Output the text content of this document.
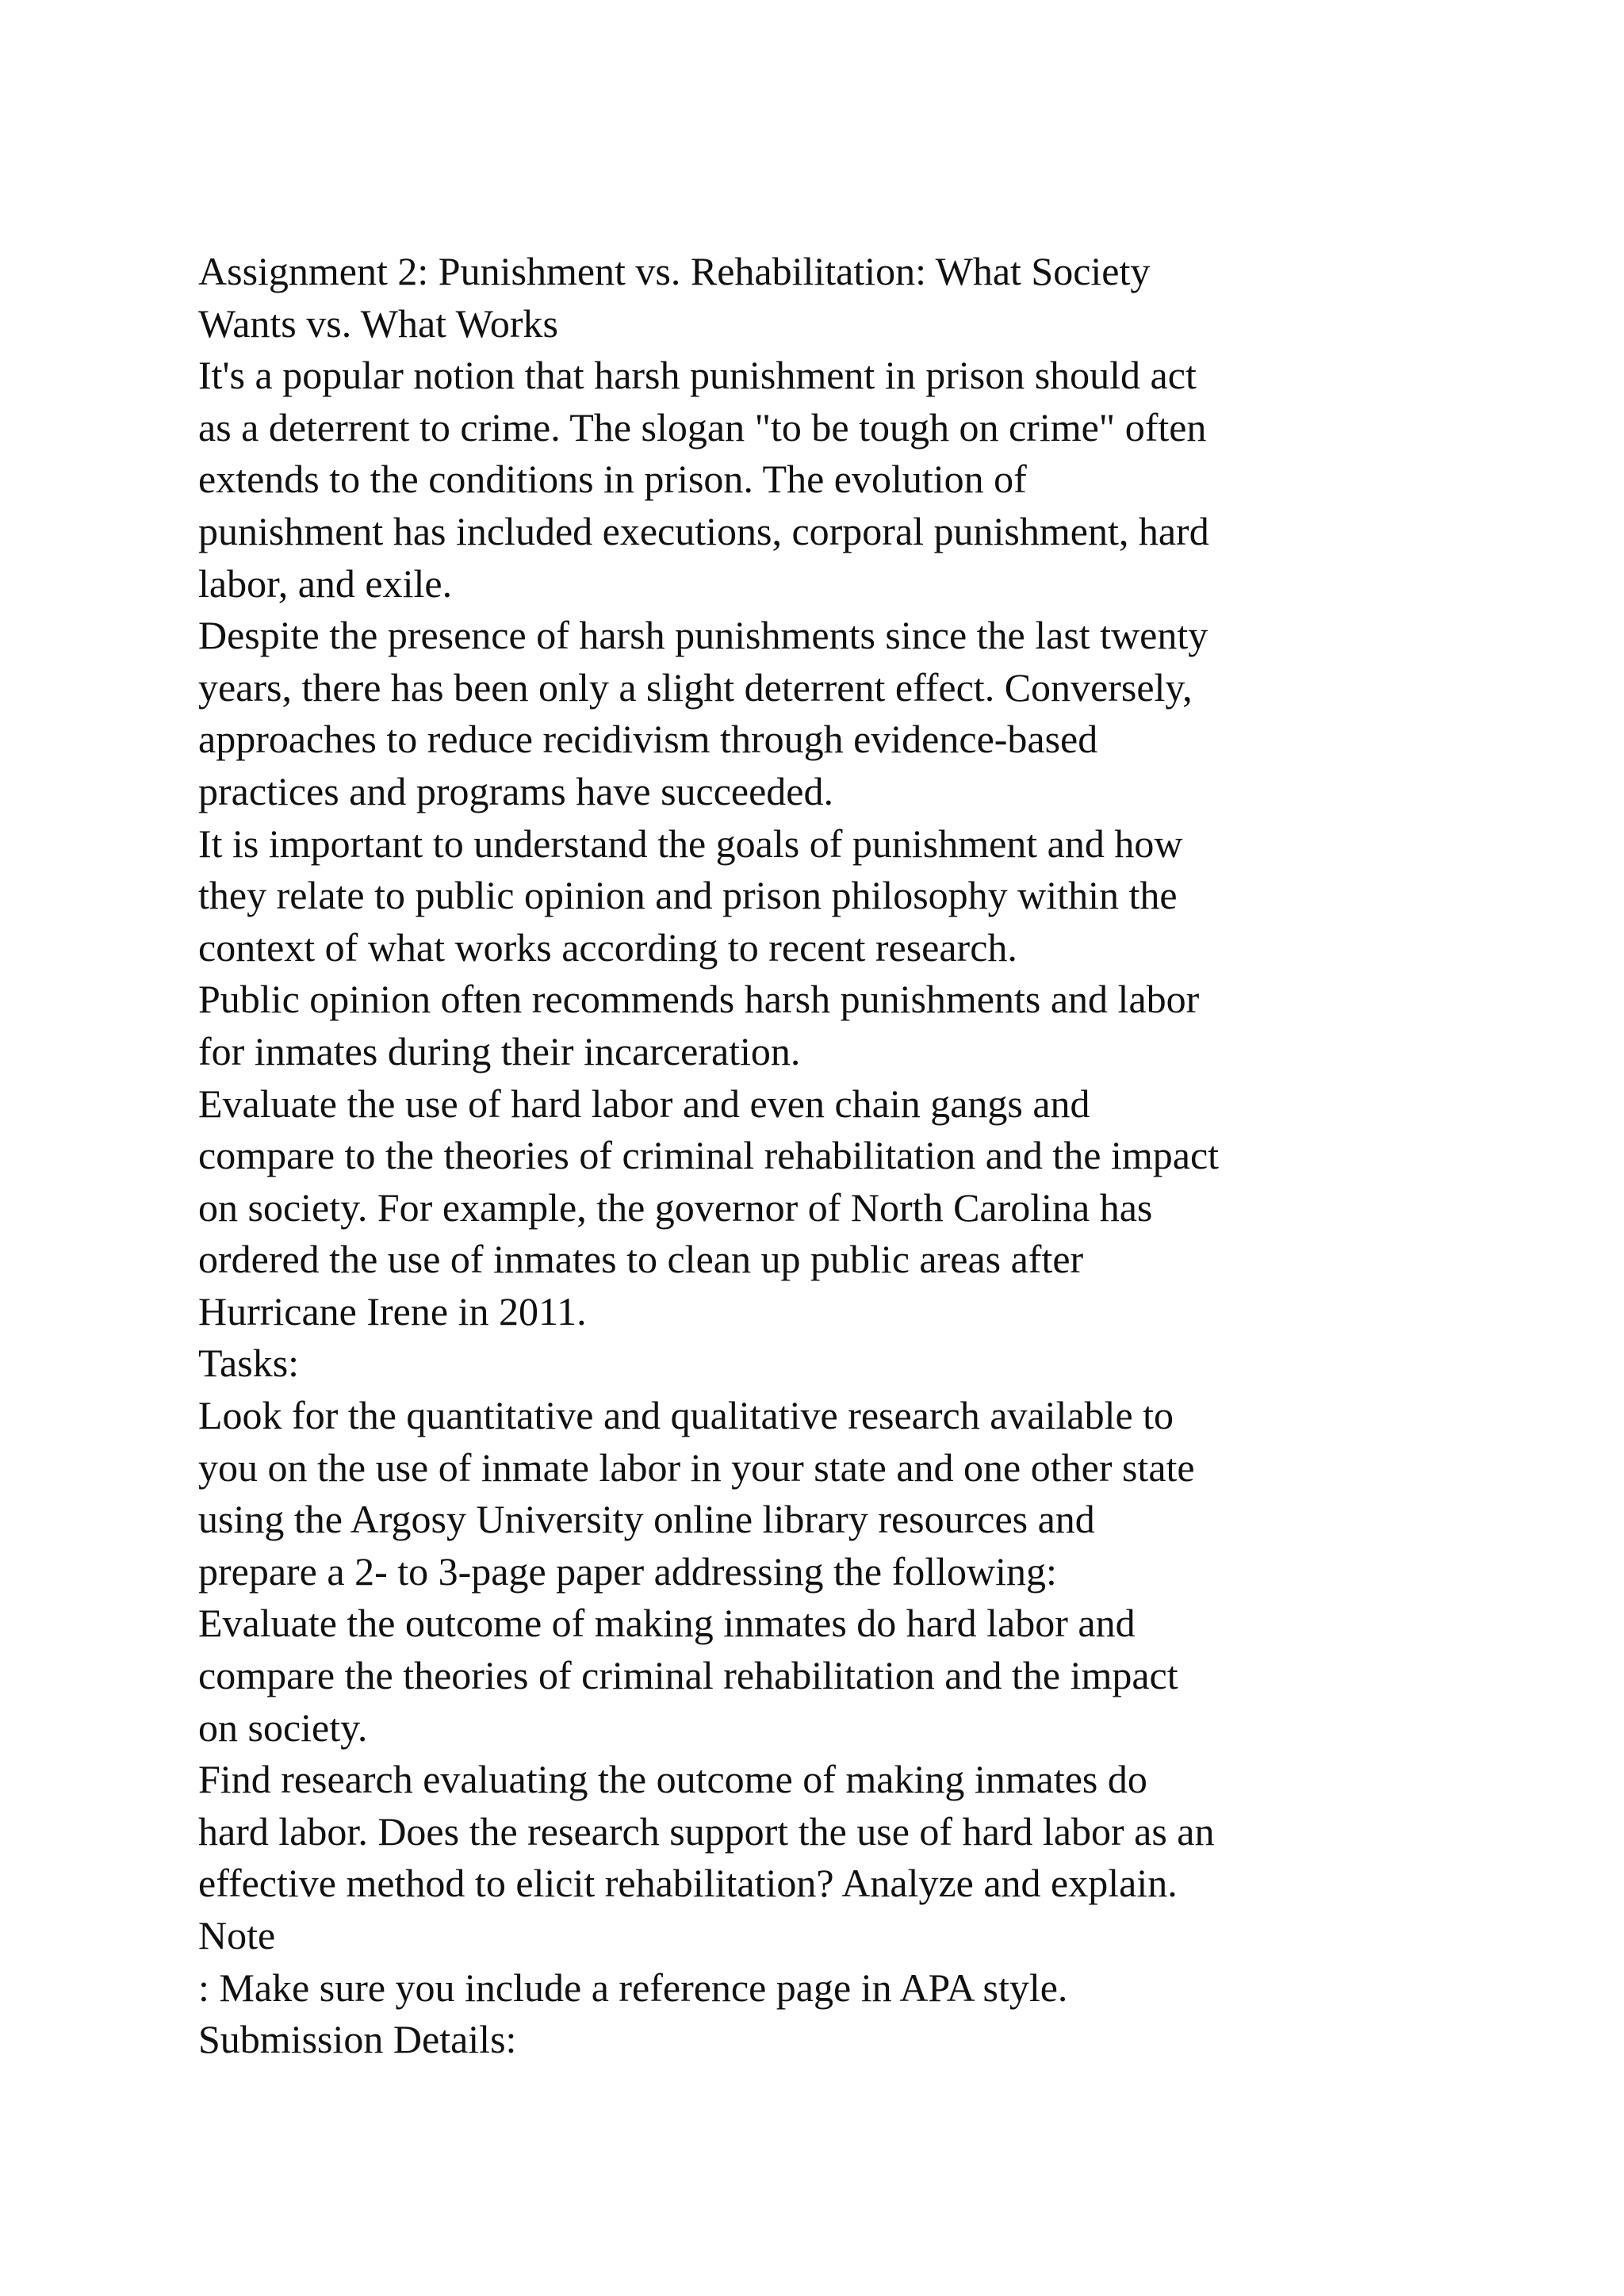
Assignment 2: Punishment vs. Rehabilitation: What Society
Wants vs. What Works
It's a popular notion that harsh punishment in prison should act
as a deterrent to crime. The slogan "to be tough on crime" often
extends to the conditions in prison. The evolution of
punishment has included executions, corporal punishment, hard
labor, and exile.
Despite the presence of harsh punishments since the last twenty
years, there has been only a slight deterrent effect. Conversely,
approaches to reduce recidivism through evidence-based
practices and programs have succeeded.
It is important to understand the goals of punishment and how
they relate to public opinion and prison philosophy within the
context of what works according to recent research.
Public opinion often recommends harsh punishments and labor
for inmates during their incarceration.
Evaluate the use of hard labor and even chain gangs and
compare to the theories of criminal rehabilitation and the impact
on society. For example, the governor of North Carolina has
ordered the use of inmates to clean up public areas after
Hurricane Irene in 2011.
Tasks:
Look for the quantitative and qualitative research available to
you on the use of inmate labor in your state and one other state
using the Argosy University online library resources and
prepare a 2- to 3-page paper addressing the following:
Evaluate the outcome of making inmates do hard labor and
compare the theories of criminal rehabilitation and the impact
on society.
Find research evaluating the outcome of making inmates do
hard labor. Does the research support the use of hard labor as an
effective method to elicit rehabilitation? Analyze and explain.
Note
: Make sure you include a reference page in APA style.
Submission Details:
